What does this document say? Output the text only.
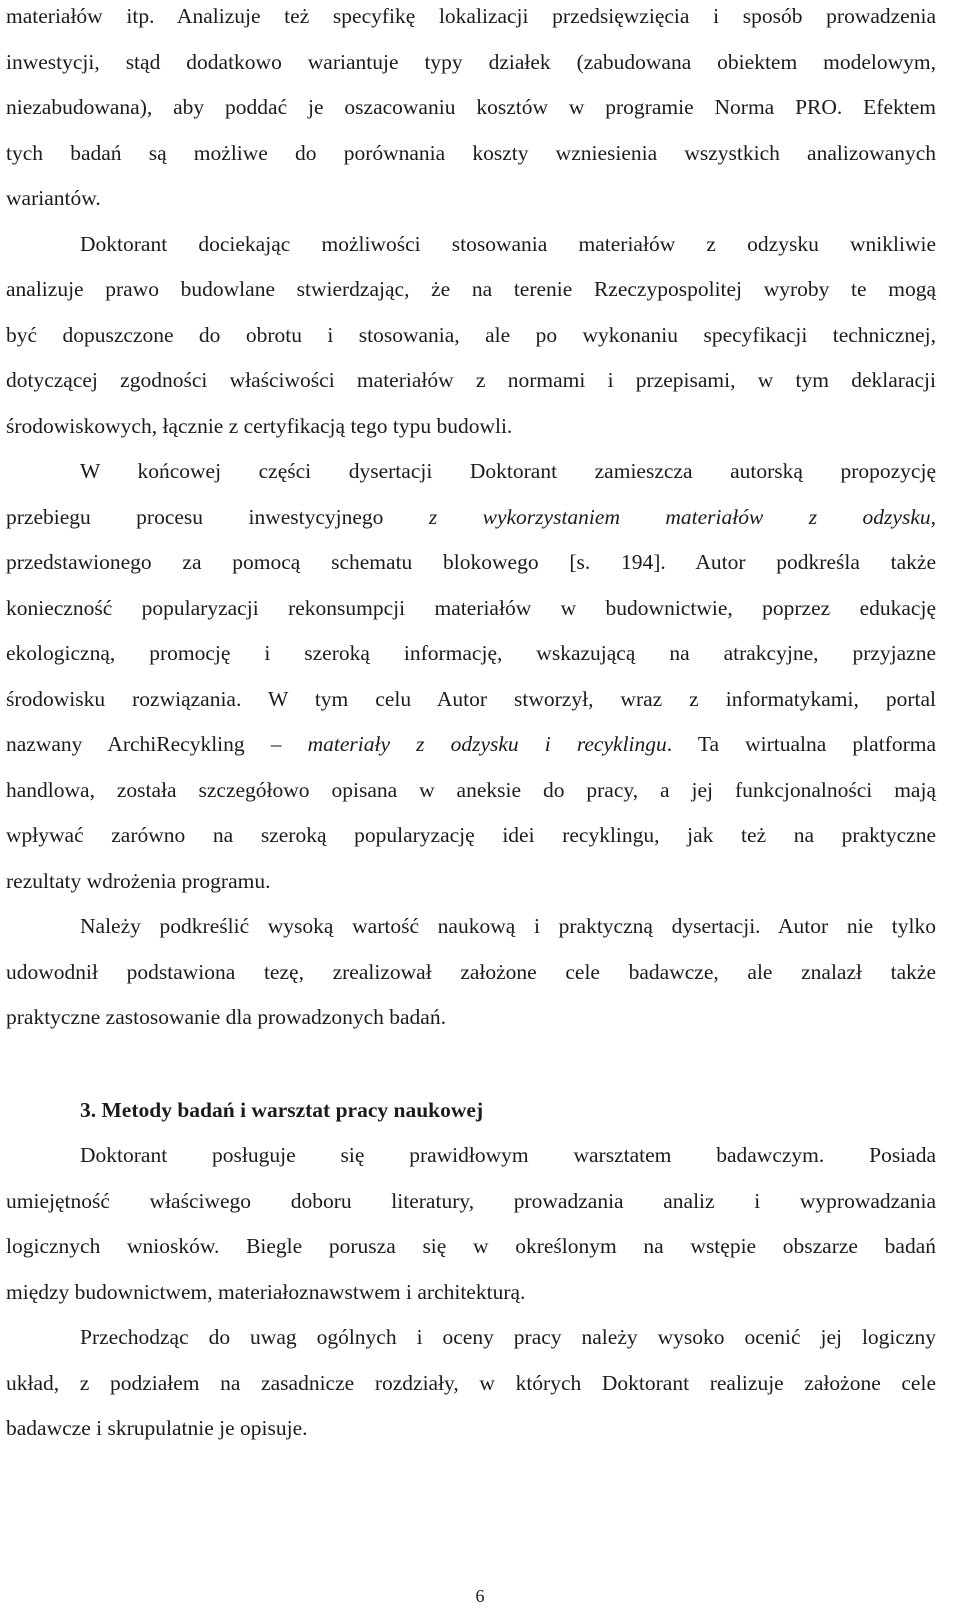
materiałów itp. Analizuje też specyfikę lokalizacji przedsięwzięcia i sposób prowadzenia
inwestycji, stąd dodatkowo wariantuje typy działek (zabudowana obiektem modelowym,
niezabudowana), aby poddać je oszacowaniu kosztów w programie Norma PRO. Efektem
tych badań są możliwe do porównania koszty wzniesienia wszystkich analizowanych
wariantów.
Doktorant dociekając możliwości stosowania materiałów z odzysku wnikliwie
analizuje prawo budowlane stwierdzając, że na terenie Rzeczypospolitej wyroby te mogą
być dopuszczone do obrotu i stosowania, ale po wykonaniu specyfikacji technicznej,
dotyczącej zgodności właściwości materiałów z normami i przepisami, w tym deklaracji
środowiskowych, łącznie z certyfikacją tego typu budowli.
W końcowej części dysertacji Doktorant zamieszcza autorską propozycję
przebiegu procesu inwestycyjnego z wykorzystaniem materiałów z odzysku,
przedstawionego za pomocą schematu blokowego [s. 194]. Autor podkreśla także
konieczność popularyzacji rekonsumpcji materiałów w budownictwie, poprzez edukację
ekologiczną, promocję i szeroką informację, wskazującą na atrakcyjne, przyjazne
środowisku rozwiązania. W tym celu Autor stworzył, wraz z informatykami, portal
nazwany ArchiRecykling – materiały z odzysku i recyklingu. Ta wirtualna platforma
handlowa, została szczegółowo opisana w aneksie do pracy, a jej funkcjonalności mają
wpływać zarówno na szeroką popularyzację idei recyklingu, jak też na praktyczne
rezultaty wdrożenia programu.
Należy podkreślić wysoką wartość naukową i praktyczną dysertacji. Autor nie tylko
udowodnił podstawiona tezę, zrealizował założone cele badawcze, ale znalazł także
praktyczne zastosowanie dla prowadzonych badań.
3. Metody badań i warsztat pracy naukowej
Doktorant posługuje się prawidłowym warsztatem badawczym. Posiada
umiejętność właściwego doboru literatury, prowadzania analiz i wyprowadzania
logicznych wniosków. Biegle porusza się w określonym na wstępie obszarze badań
między budownictwem, materiałoznawstwem i architekturą.
Przechodząc do uwag ogólnych i oceny pracy należy wysoko ocenić jej logiczny
układ, z podziałem na zasadnicze rozdziały, w których Doktorant realizuje założone cele
badawcze i skrupulatnie je opisuje.
6
